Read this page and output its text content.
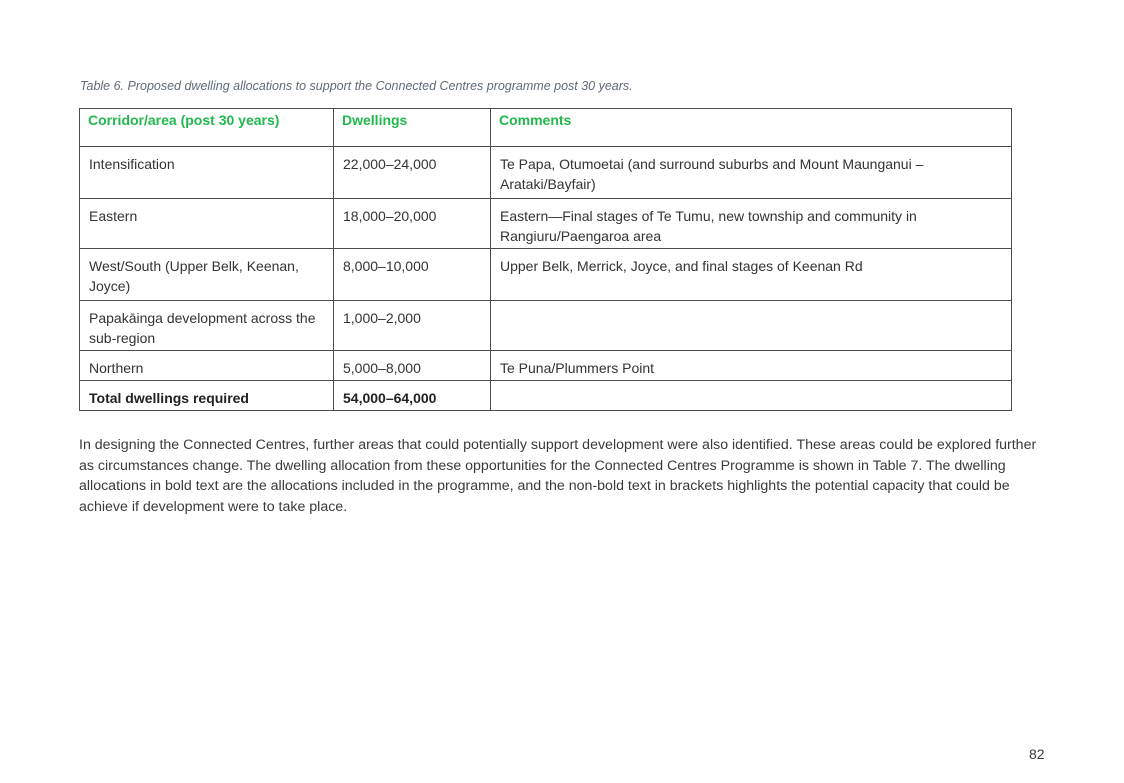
Table 6. Proposed dwelling allocations to support the Connected Centres programme post 30 years.
Corridor/area (post 30 years)	Dwellings	Comments
Intensification	22,000–24,000	Te Papa, Otumoetai (and surround suburbs and Mount Maunganui – Arataki/Bayfair)
Eastern	18,000–20,000	Eastern—Final stages of Te Tumu, new township and community in Rangiuru/Paengaroa area
West/South (Upper Belk, Keenan, Joyce)	8,000–10,000	Upper Belk, Merrick, Joyce, and final stages of Keenan Rd
Papakāinga development across the sub-region	1,000–2,000	
Northern	5,000–8,000	Te Puna/Plummers Point
Total dwellings required	54,000–64,000	

In designing the Connected Centres, further areas that could potentially support development were also identified. These areas could be explored further as circumstances change. The dwelling allocation from these opportunities for the Connected Centres Programme is shown in Table 7. The dwelling allocations in bold text are the allocations included in the programme, and the non-bold text in brackets highlights the potential capacity that could be achieve if development were to take place.

82
